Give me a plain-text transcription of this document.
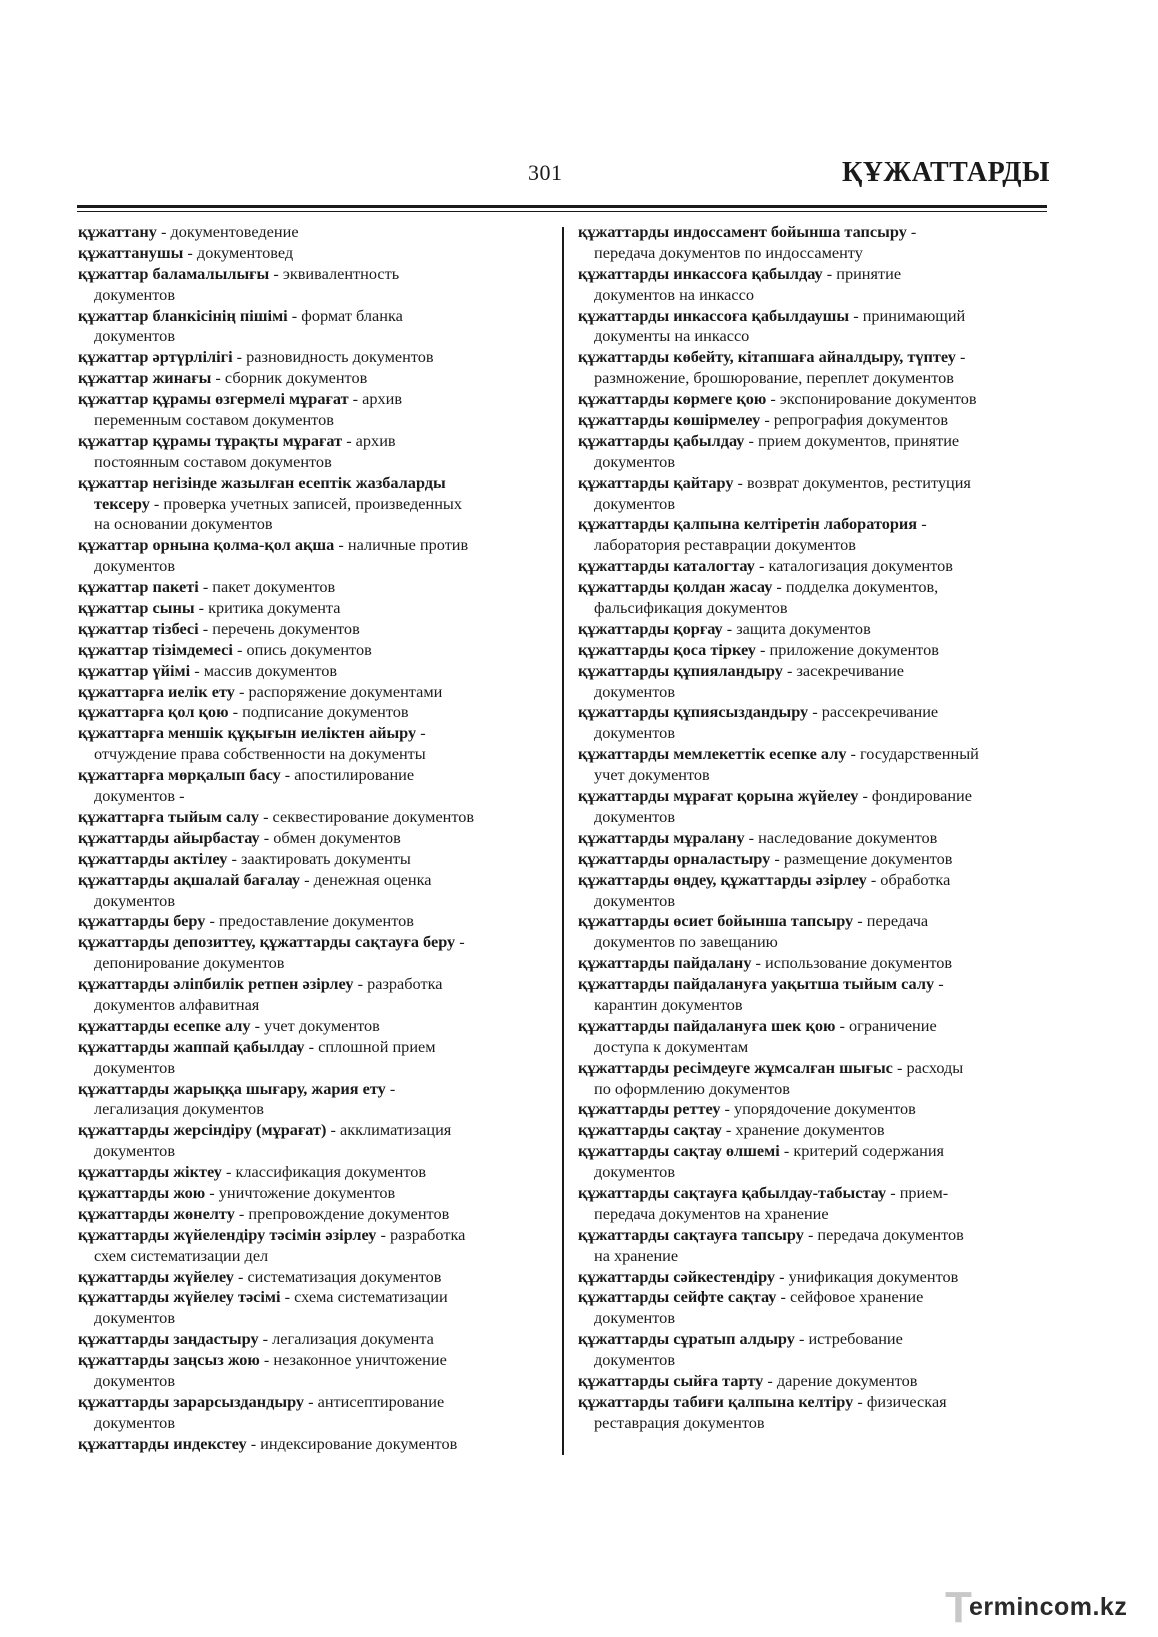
301	ҚҰЖАТТАРДЫ
құжаттану - документоведение
құжаттанушы - документовед
құжаттар баламалылығы - эквивалентность
документов
құжаттар бланкісінің пішімі - формат бланка
документов
құжаттар әртүрлілігі - разновидность документов
құжаттар жинағы - сборник документов
құжаттар құрамы өзгермелі мұрағат - архив
переменным составом документов
құжаттар құрамы тұрақты мұрағат - архив
постоянным составом документов
құжаттар негізінде жазылған есептік жазбаларды
тексеру - проверка учетных записей, произведенных
на основании документов
құжаттар орнына қолма-қол ақша - наличные против
документов
құжаттар пакеті - пакет документов
құжаттар сыны - критика документа
құжаттар тізбесі - перечень документов
құжаттар тізімдемесі - опись документов
құжаттар үйімі - массив документов
құжаттарға иелік ету - распоряжение документами
құжаттарға қол қою - подписание документов
құжаттарға меншік құқығын иеліктен айыру -
отчуждение права собственности на документы
құжаттарға мөрқалып басу - апостилирование
документов -
құжаттарға тыйым салу - секвестирование документов
құжаттарды айырбастау - обмен документов
құжаттарды актілеу - заактировать документы
құжаттарды ақшалай бағалау - денежная оценка
документов
құжаттарды беру - предоставление документов
құжаттарды депозиттеу, құжаттарды сақтауға беру -
депонирование документов
құжаттарды әліпбилік ретпен әзірлеу - разработка
документов алфавитная
құжаттарды есепке алу - учет документов
құжаттарды жаппай қабылдау - сплошной прием
документов
құжаттарды жарыққа шығару, жария ету -
легализация документов
құжаттарды жерсіндіру (мұрағат) - акклиматизация
документов
құжаттарды жіктеу - классификация документов
құжаттарды жою - уничтожение документов
құжаттарды жөнелту - препровождение документов
құжаттарды жүйелендіру тәсімін әзірлеу - разработка
схем систематизации дел
құжаттарды жүйелеу - систематизация документов
құжаттарды жүйелеу тәсімі - схема систематизации
документов
құжаттарды заңдастыру - легализация документа
құжаттарды заңсыз жою - незаконное уничтожение
документов
құжаттарды зарарсыздандыру - антисептирование
документов
құжаттарды индекстеу - индексирование документов
құжаттарды индоссамент бойынша тапсыру -
передача документов по индоссаменту
құжаттарды инкассоға қабылдау - принятие
документов на инкассо
құжаттарды инкассоға қабылдаушы - принимающий
документы на инкассо
құжаттарды көбейту, кітапшаға айналдыру, түптеу -
размножение, брошюрование, переплет документов
құжаттарды көрмеге қою - экспонирование документов
құжаттарды көшірмелеу - репрография документов
құжаттарды қабылдау - прием документов, принятие
документов
құжаттарды қайтару - возврат документов, реституция
документов
құжаттарды қалпына келтіретін лаборатория -
лаборатория реставрации документов
құжаттарды каталогтау - каталогизация документов
құжаттарды қолдан жасау - подделка документов,
фальсификация документов
құжаттарды қорғау - защита документов
құжаттарды қоса тіркеу - приложение документов
құжаттарды құпияландыру - засекречивание
документов
құжаттарды құпиясыздандыру - рассекречивание
документов
құжаттарды мемлекеттік есепке алу - государственный
учет документов
құжаттарды мұрағат қорына жүйелеу - фондирование
документов
құжаттарды мұралану - наследование документов
құжаттарды орналастыру - размещение документов
құжаттарды өңдеу, құжаттарды әзірлеу - обработка
документов
құжаттарды өсиет бойынша тапсыру - передача
документов по завещанию
құжаттарды пайдалану - использование документов
құжаттарды пайдалануға уақытша тыйым салу -
карантин документов
құжаттарды пайдалануға шек қою - ограничение
доступа к документам
құжаттарды ресімдеуге жұмсалған шығыс - расходы
по оформлению документов
құжаттарды реттеу - упорядочение документов
құжаттарды сақтау - хранение документов
құжаттарды сақтау өлшемі - критерий содержания
документов
құжаттарды сақтауға қабылдау-табыстау - прием-
передача документов на хранение
құжаттарды сақтауға тапсыру - передача документов
на хранение
құжаттарды сәйкестендіру - унификация документов
құжаттарды сейфте сақтау - сейфовое хранение
документов
құжаттарды сұратып алдыру - истребование
документов
құжаттарды сыйға тарту - дарение документов
құжаттарды табиғи қалпына келтіру - физическая
реставрация документов
T
ermincom.kz
